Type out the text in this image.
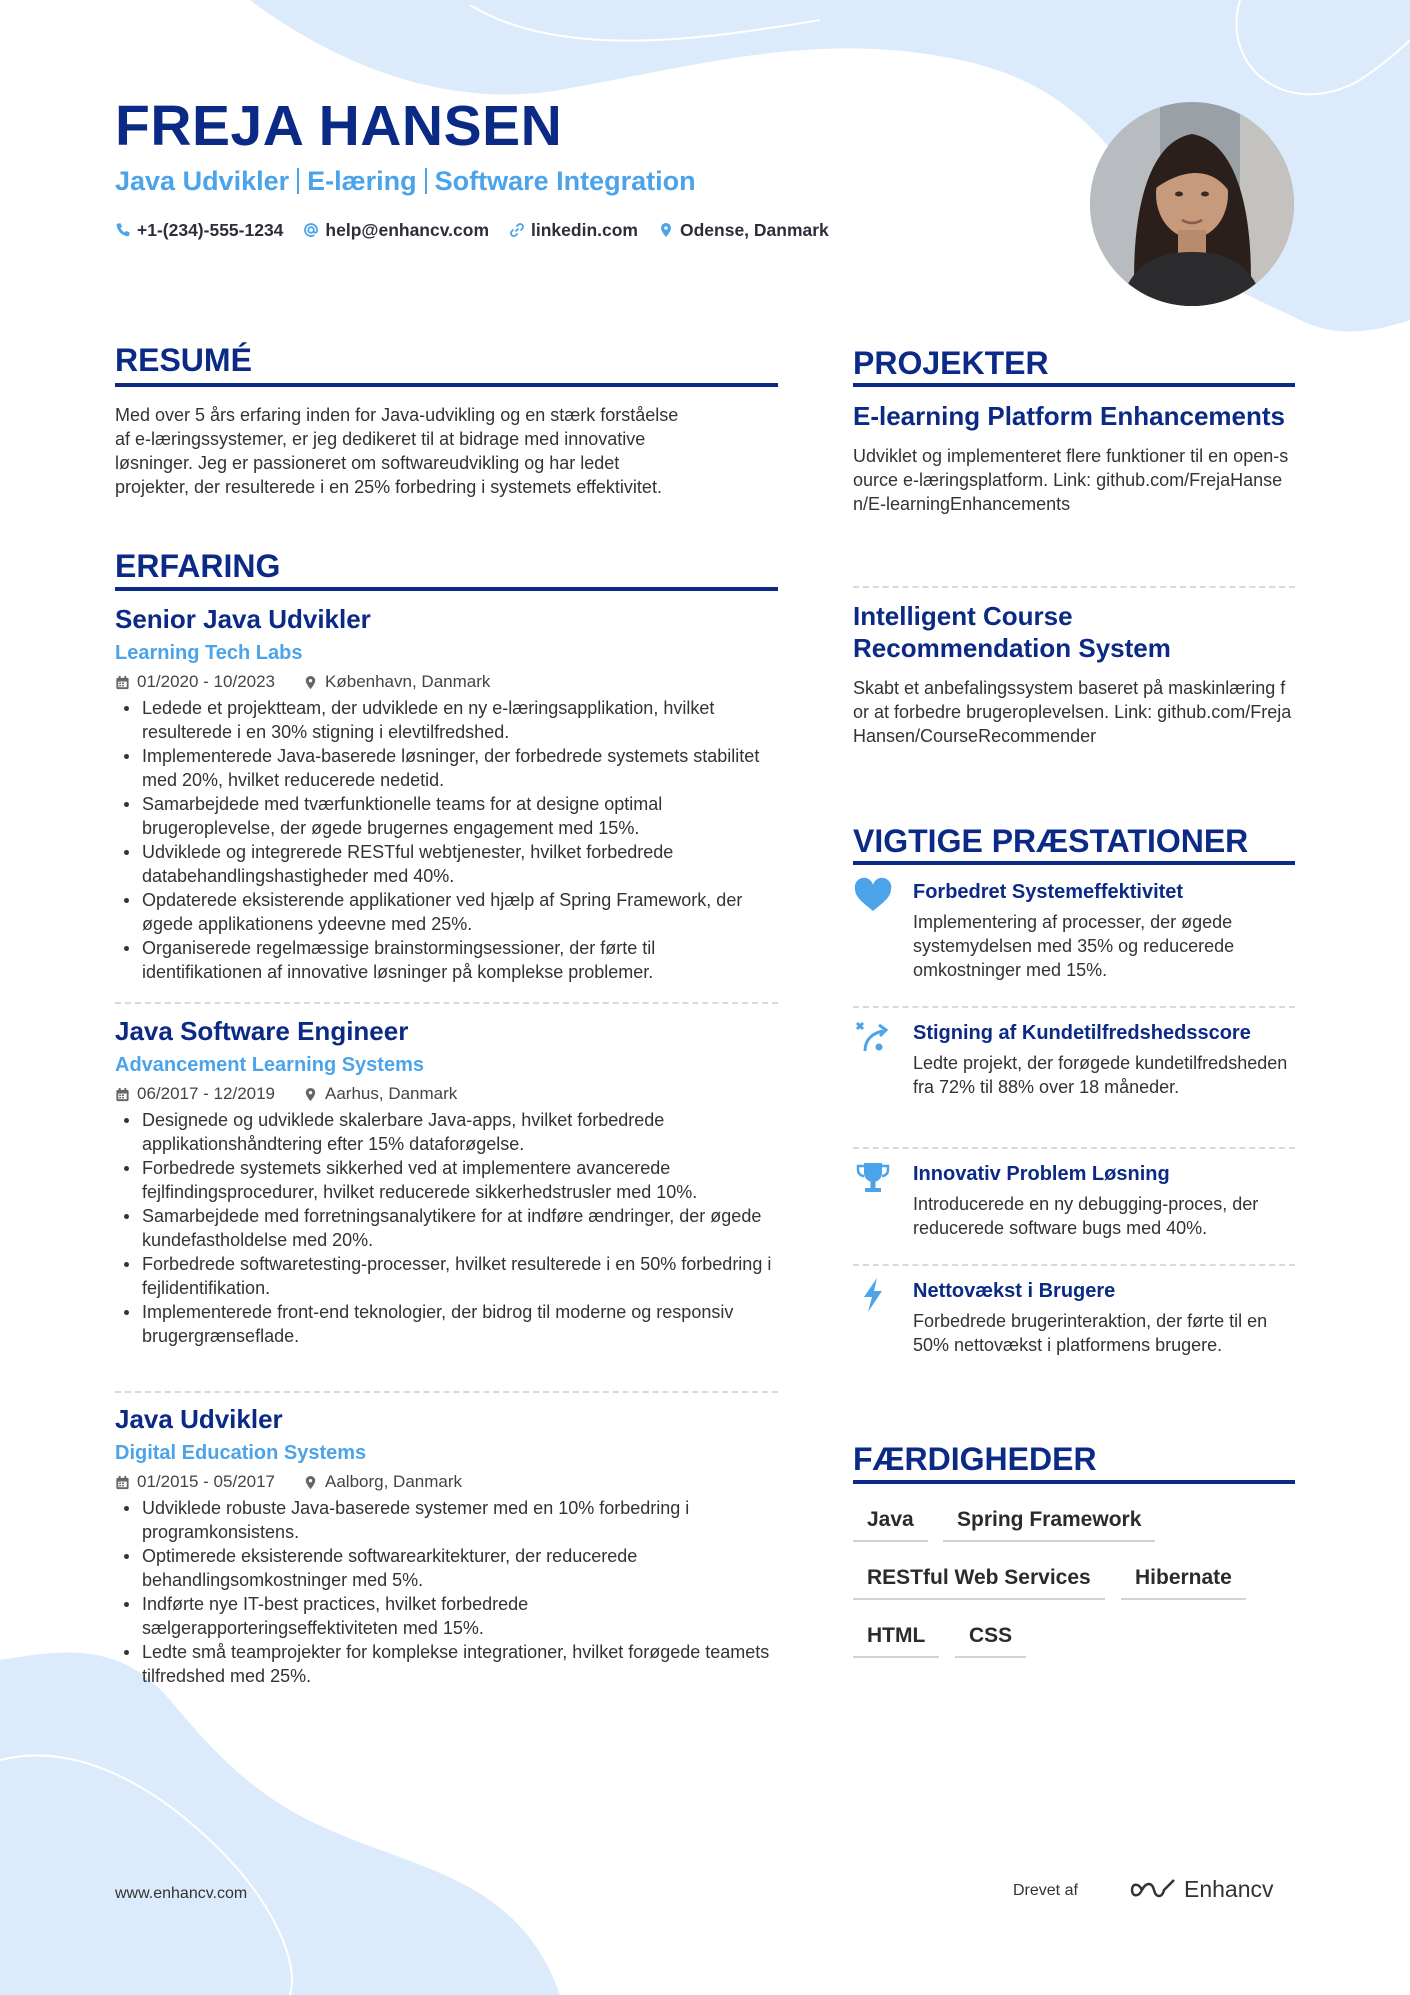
FREJA HANSEN
Java Udvikler E-læring Software Integration
+1-(234)-555-1234 help@enhancv.com linkedin.com Odense, Danmark
RESUMÉ

Med over 5 års erfaring inden for Java-udvikling og en stærk forståelse
af e-læringssystemer, er jeg dedikeret til at bidrage med innovative
løsninger. Jeg er passioneret om softwareudvikling og har ledet
projekter, der resulterede i en 25% forbedring i systemets effektivitet.

ERFARING
Senior Java Udvikler
Learning Tech Labs
01/2020 - 10/2023	København, Danmark
Ledede et projektteam, der udviklede en ny e-læringsapplikation, hvilket resulterede i en 30% stigning i elevtilfredshed.
Implementerede Java-baserede løsninger, der forbedrede systemets stabilitet med 20%, hvilket reducerede nedetid.
Samarbejdede med tværfunktionelle teams for at designe optimal brugeroplevelse, der øgede brugernes engagement med 15%.
Udviklede og integrerede RESTful webtjenester, hvilket forbedrede databehandlingshastigheder med 40%.
Opdaterede eksisterende applikationer ved hjælp af Spring Framework, der øgede applikationens ydeevne med 25%.
Organiserede regelmæssige brainstormingsessioner, der førte til identifikationen af innovative løsninger på komplekse problemer.
Java Software Engineer
Advancement Learning Systems
06/2017 - 12/2019	Aarhus, Danmark
Designede og udviklede skalerbare Java-apps, hvilket forbedrede applikationshåndtering efter 15% dataforøgelse.
Forbedrede systemets sikkerhed ved at implementere avancerede fejlfindingsprocedurer, hvilket reducerede sikkerhedstrusler med 10%.
Samarbejdede med forretningsanalytikere for at indføre ændringer, der øgede kundefastholdelse med 20%.
Forbedrede softwaretesting-processer, hvilket resulterede i en 50% forbedring i fejlidentifikation.
Implementerede front-end teknologier, der bidrog til moderne og responsiv brugergrænseflade.
Java Udvikler
Digital Education Systems
01/2015 - 05/2017	Aalborg, Danmark
Udviklede robuste Java-baserede systemer med en 10% forbedring i programkonsistens.
Optimerede eksisterende softwarearkitekturer, der reducerede behandlingsomkostninger med 5%.
Indførte nye IT-best practices, hvilket forbedrede sælgerapporteringseffektiviteten med 15%.
Ledte små teamprojekter for komplekse integrationer, hvilket forøgede teamets tilfredshed med 25%.
PROJEKTER
E-learning Platform Enhancements
Udviklet og implementeret flere funktioner til en open-source e-læringsplatform. Link: github.com/FrejaHansen/E-learningEnhancements
Intelligent Course Recommendation System
Skabt et anbefalingssystem baseret på maskinlæring for at forbedre brugeroplevelsen. Link: github.com/FrejaHansen/CourseRecommender
VIGTIGE PRÆSTATIONER
Forbedret Systemeffektivitet
Implementering af processer, der øgede systemydelsen med 35% og reducerede omkostninger med 15%.
Stigning af Kundetilfredshedsscore
Ledte projekt, der forøgede kundetilfredsheden fra 72% til 88% over 18 måneder.
Innovativ Problem Løsning
Introducerede en ny debugging-proces, der reducerede software bugs med 40%.
Nettovækst i Brugere
Forbedrede brugerinteraktion, der førte til en 50% nettovækst i platformens brugere.
FÆRDIGHEDER
Java	Spring Framework
RESTful Web Services	Hibernate
HTML	CSS
www.enhancv.com	Drevet af	Enhancv
